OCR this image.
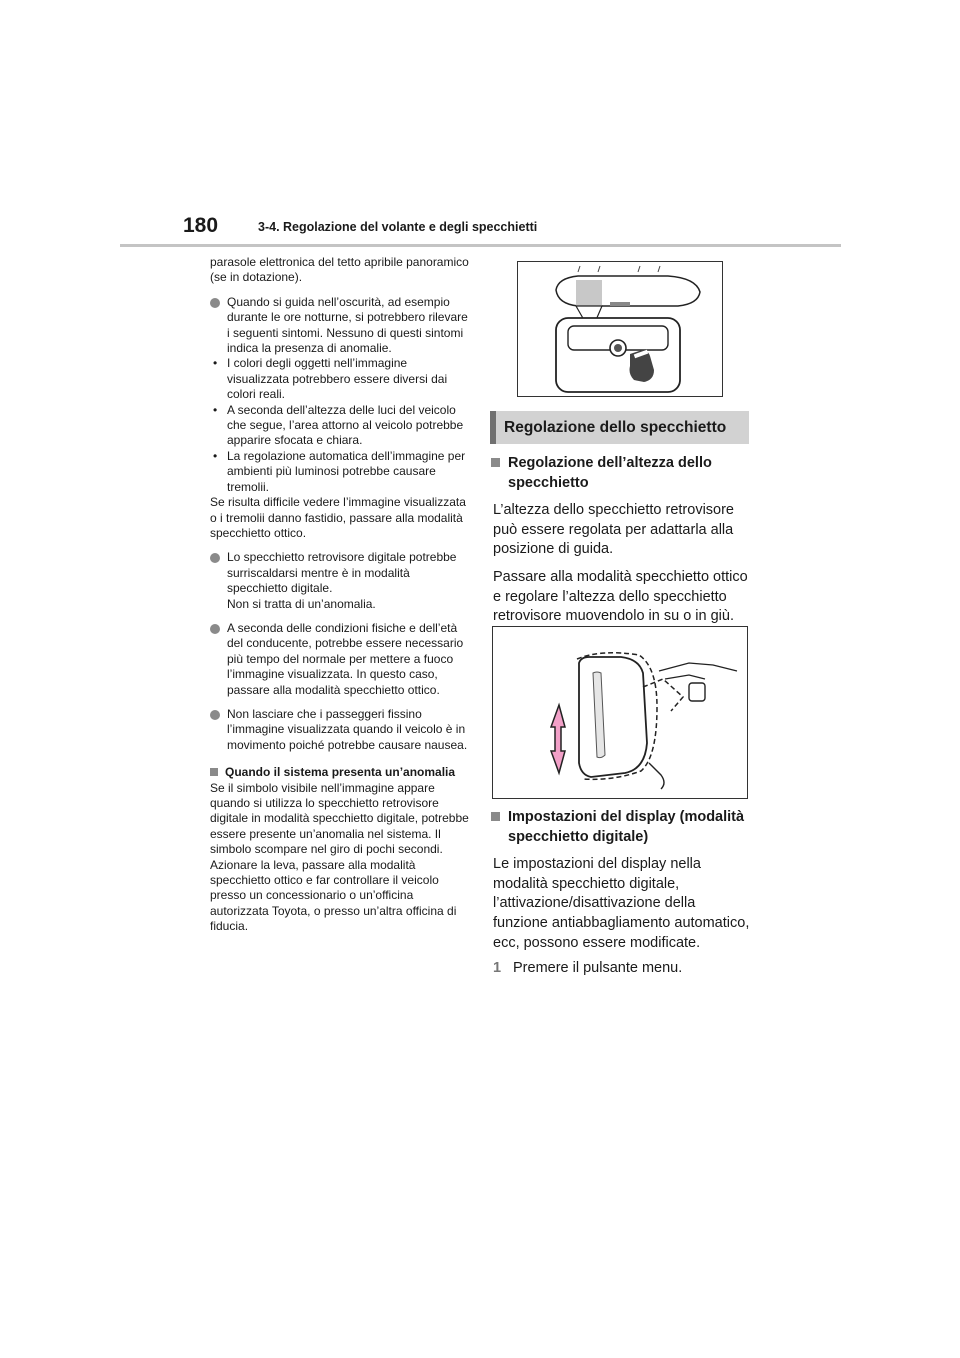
180	3-4. Regolazione del volante e degli specchietti

parasole elettronica del tetto apribile panoramico (se in dotazione).

Quando si guida nell’oscurità, ad esempio durante le ore notturne, si potrebbero rilevare i seguenti sintomi. Nessuno di questi sintomi indica la presenza di anomalie.
• I colori degli oggetti nell’immagine visualizzata potrebbero essere diversi dai colori reali.
• A seconda dell’altezza delle luci del veicolo che segue, l’area attorno al veicolo potrebbe apparire sfocata e chiara.
• La regolazione automatica dell’immagine per ambienti più luminosi potrebbe causare tremolii.

Se risulta difficile vedere l’immagine visualizzata o i tremolii danno fastidio, passare alla modalità specchietto ottico.

Lo specchietto retrovisore digitale potrebbe surriscaldarsi mentre è in modalità specchietto digitale.
Non si tratta di un’anomalia.
A seconda delle condizioni fisiche e dell’età del conducente, potrebbe essere necessario più tempo del normale per mettere a fuoco l’immagine visualizzata. In questo caso, passare alla modalità specchietto ottico.
Non lasciare che i passeggeri fissino l’immagine visualizzata quando il veicolo è in movimento poiché potrebbe causare nausea.
Quando il sistema presenta un’anomalia

Se il simbolo visibile nell’immagine appare quando si utilizza lo specchietto retrovisore digitale in modalità specchietto digitale, potrebbe essere presente un’anomalia nel sistema. Il simbolo scompare nel giro di pochi secondi. Azionare la leva, passare alla modalità specchietto ottico e far controllare il veicolo presso un concessionario o un’officina autorizzata Toyota, o presso un’altra officina di fiducia.

Regolazione dello specchietto
Regolazione dell’altezza dello specchietto

L’altezza dello specchietto retrovisore può essere regolata per adattarla alla posizione di guida.

Passare alla modalità specchietto ottico e regolare l’altezza dello specchietto retrovisore muovendolo in su o in giù.

Impostazioni del display (modalità specchietto digitale)

Le impostazioni del display nella modalità specchietto digitale, l’attivazione/disattivazione della funzione antiabbagliamento automatico, ecc, possono essere modificate.

1 Premere il pulsante menu.
